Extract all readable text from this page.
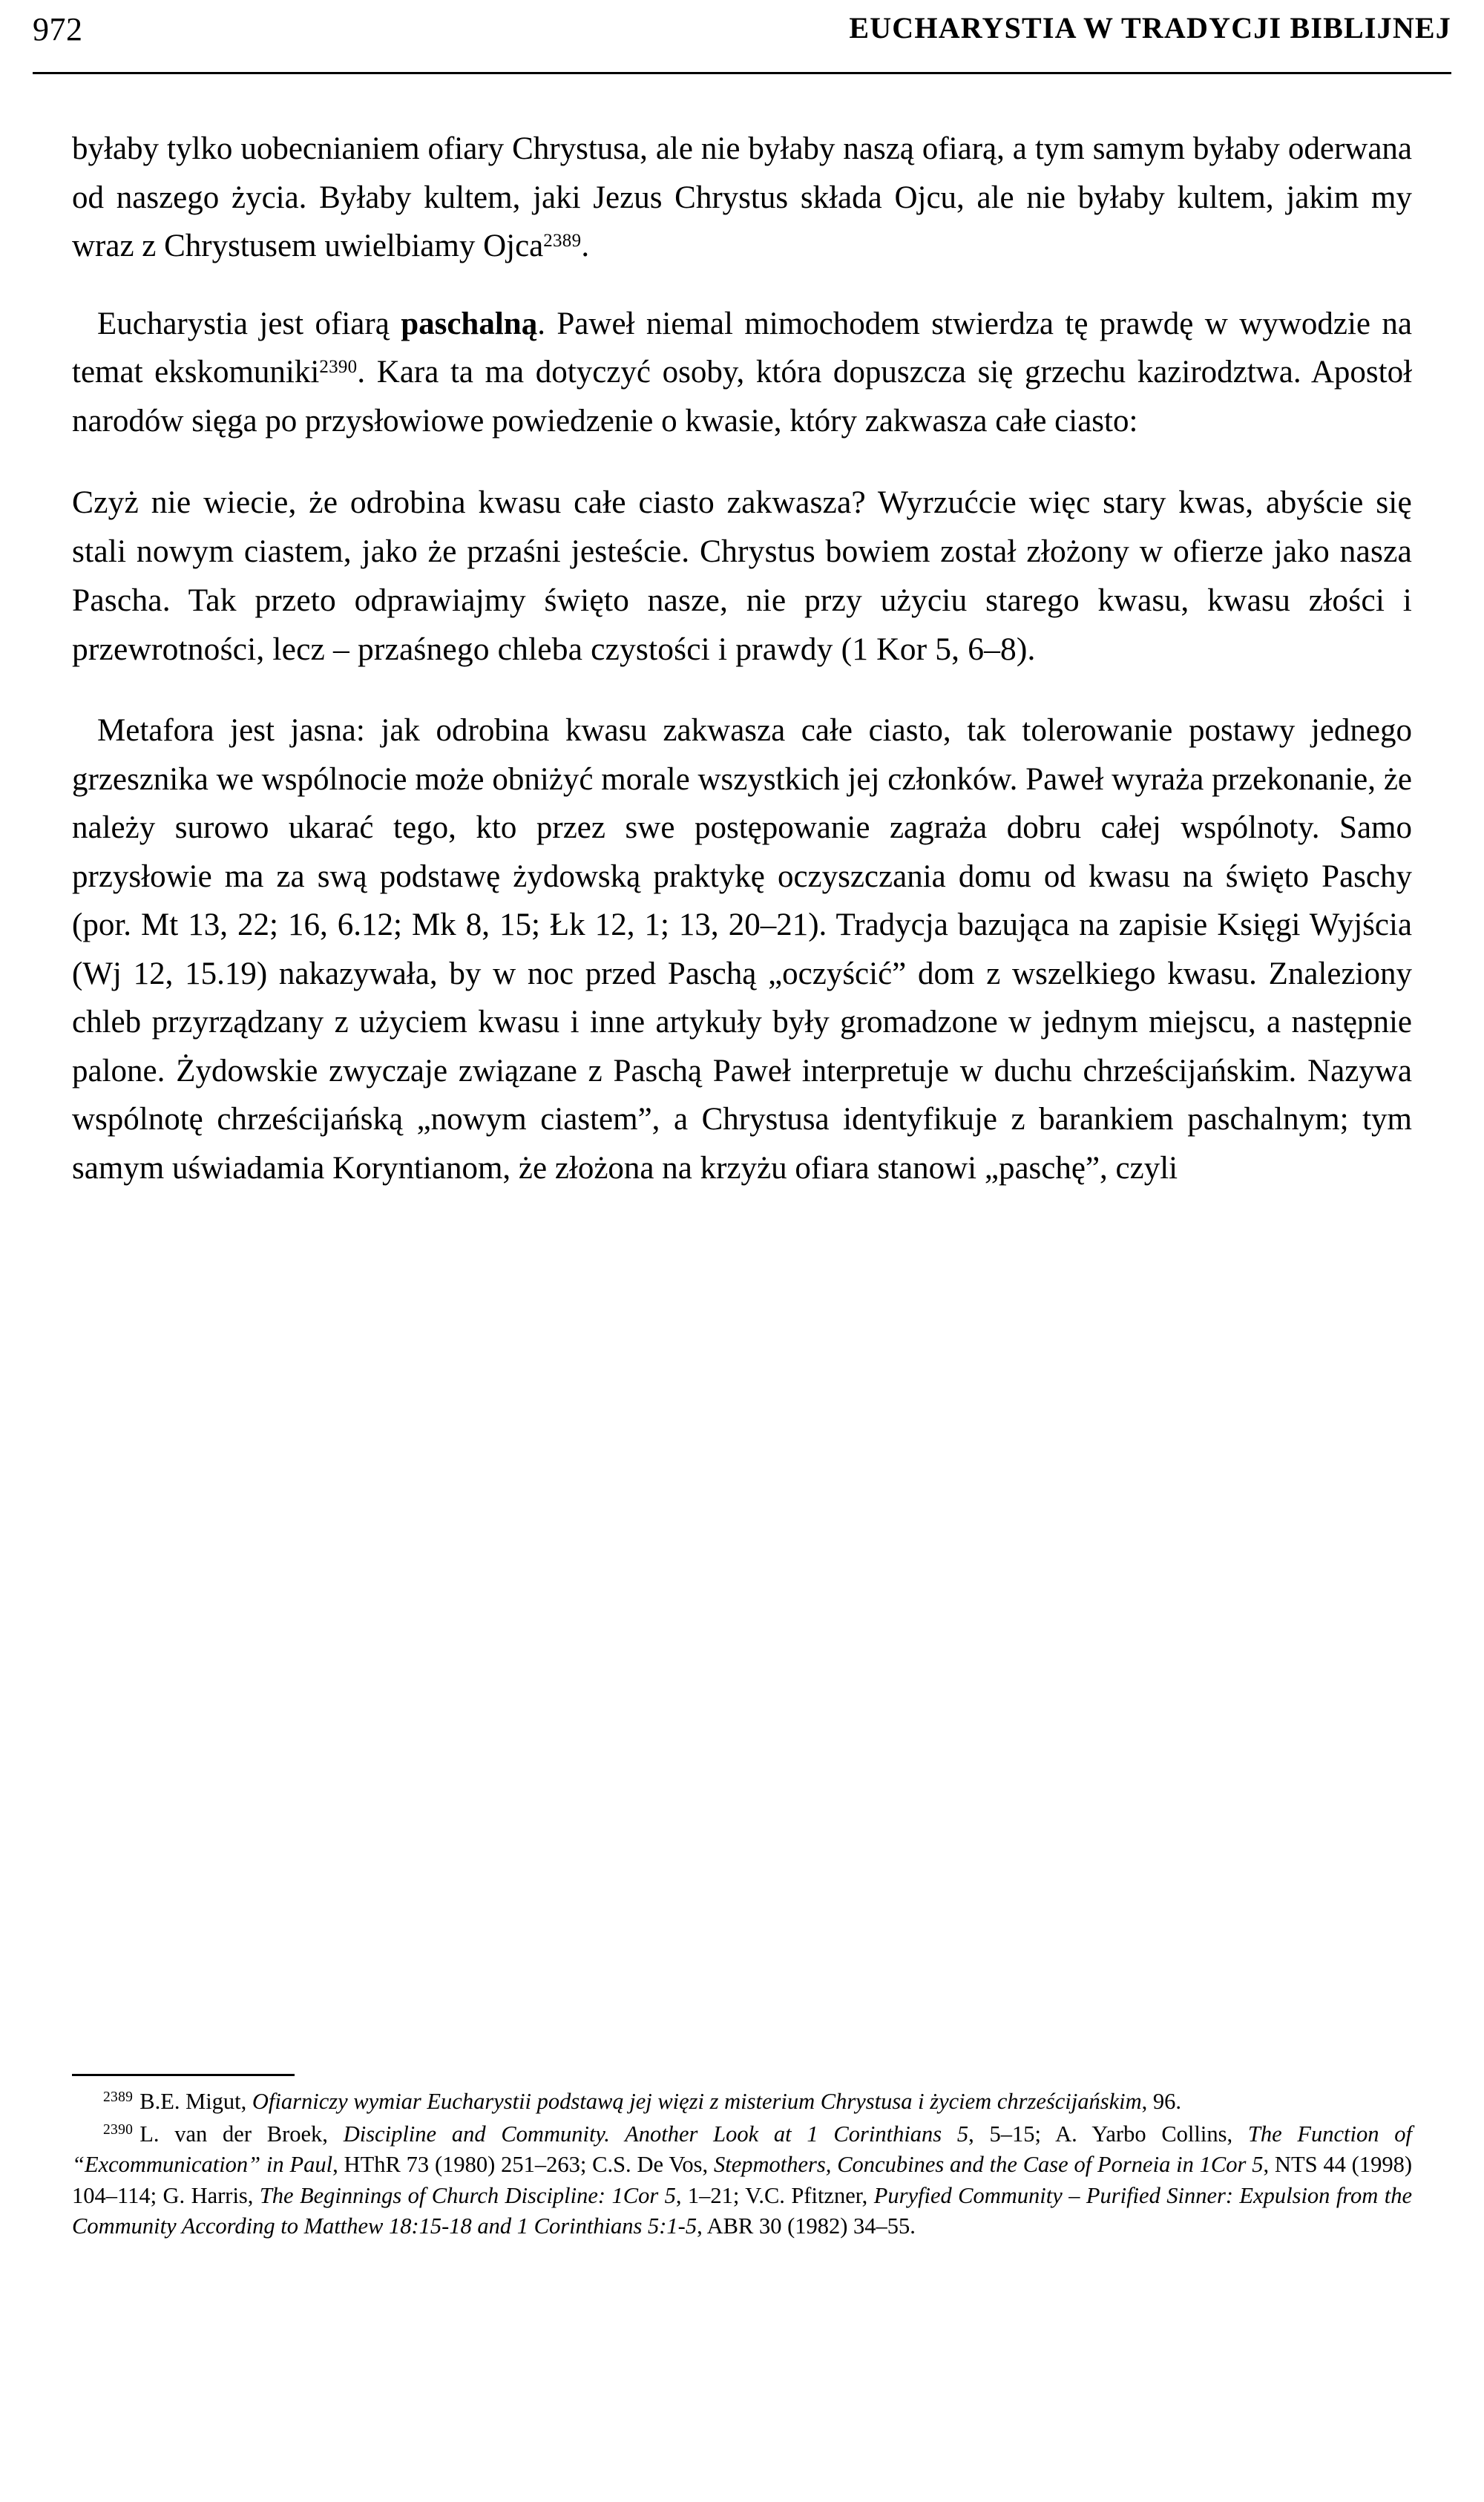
972	EUCHARYSTIA W TRADYCJI BIBLIJNEJ

byłaby tylko uobecnianiem ofiary Chrystusa, ale nie byłaby naszą ofiarą, a tym samym byłaby oderwana od naszego życia. Byłaby kultem, jaki Jezus Chrystus składa Ojcu, ale nie byłaby kultem, jakim my wraz z Chrystusem uwielbiamy Ojca$^{2389}$.

Eucharystia jest ofiarą paschalną. Paweł niemal mimochodem stwierdza tę prawdę w wywodzie na temat ekskomuniki$^{2390}$. Kara ta ma dotyczyć osoby, która dopuszcza się grzechu kazirodztwa. Apostoł narodów sięga po przysłowiowe powiedzenie o kwasie, który zakwasza całe ciasto:

Czyż nie wiecie, że odrobina kwasu całe ciasto zakwasza? Wyrzućcie więc stary kwas, abyście się stali nowym ciastem, jako że przaśni jesteście. Chrystus bowiem został złożony w ofierze jako nasza Pascha. Tak przeto odprawiajmy święto nasze, nie przy użyciu starego kwasu, kwasu złości i przewrotności, lecz – przaśnego chleba czystości i prawdy (1 Kor 5, 6–8).

Metafora jest jasna: jak odrobina kwasu zakwasza całe ciasto, tak tolerowanie postawy jednego grzesznika we wspólnocie może obniżyć morale wszystkich jej członków. Paweł wyraża przekonanie, że należy surowo ukarać tego, kto przez swe postępowanie zagraża dobru całej wspólnoty. Samo przysłowie ma za swą podstawę żydowską praktykę oczyszczania domu od kwasu na święto Paschy (por. Mt 13, 22; 16, 6.12; Mk 8, 15; Łk 12, 1; 13, 20–21). Tradycja bazująca na zapisie Księgi Wyjścia (Wj 12, 15.19) nakazywała, by w noc przed Paschą „oczyścić” dom z wszelkiego kwasu. Znaleziony chleb przyrządzany z użyciem kwasu i inne artykuły były gromadzone w jednym miejscu, a następnie palone. Żydowskie zwyczaje związane z Paschą Paweł interpretuje w duchu chrześcijańskim. Nazywa wspólnotę chrześcijańską „nowym ciastem”, a Chrystusa identyfikuje z barankiem paschalnym; tym samym uświadamia Koryntianom, że złożona na krzyżu ofiara stanowi „paschę”, czyli

$^{2389}$ B.E. Migut, Ofiarniczy wymiar Eucharystii podstawą jej więzi z misterium Chrystusa i życiem chrześcijańskim, 96.

$^{2390}$ L. van der Broek, Discipline and Community. Another Look at 1 Corinthians 5, 5–15; A. Yarbo Collins, The Function of “Excommunication” in Paul, HThR 73 (1980) 251–263; C.S. De Vos, Stepmothers, Concubines and the Case of Porneia in 1Cor 5, NTS 44 (1998) 104–114; G. Harris, The Beginnings of Church Discipline: 1Cor 5, 1–21; V.C. Pfitzner, Puryfied Community – Purified Sinner: Expulsion from the Community According to Matthew 18:15-18 and 1 Corinthians 5:1-5, ABR 30 (1982) 34–55.
